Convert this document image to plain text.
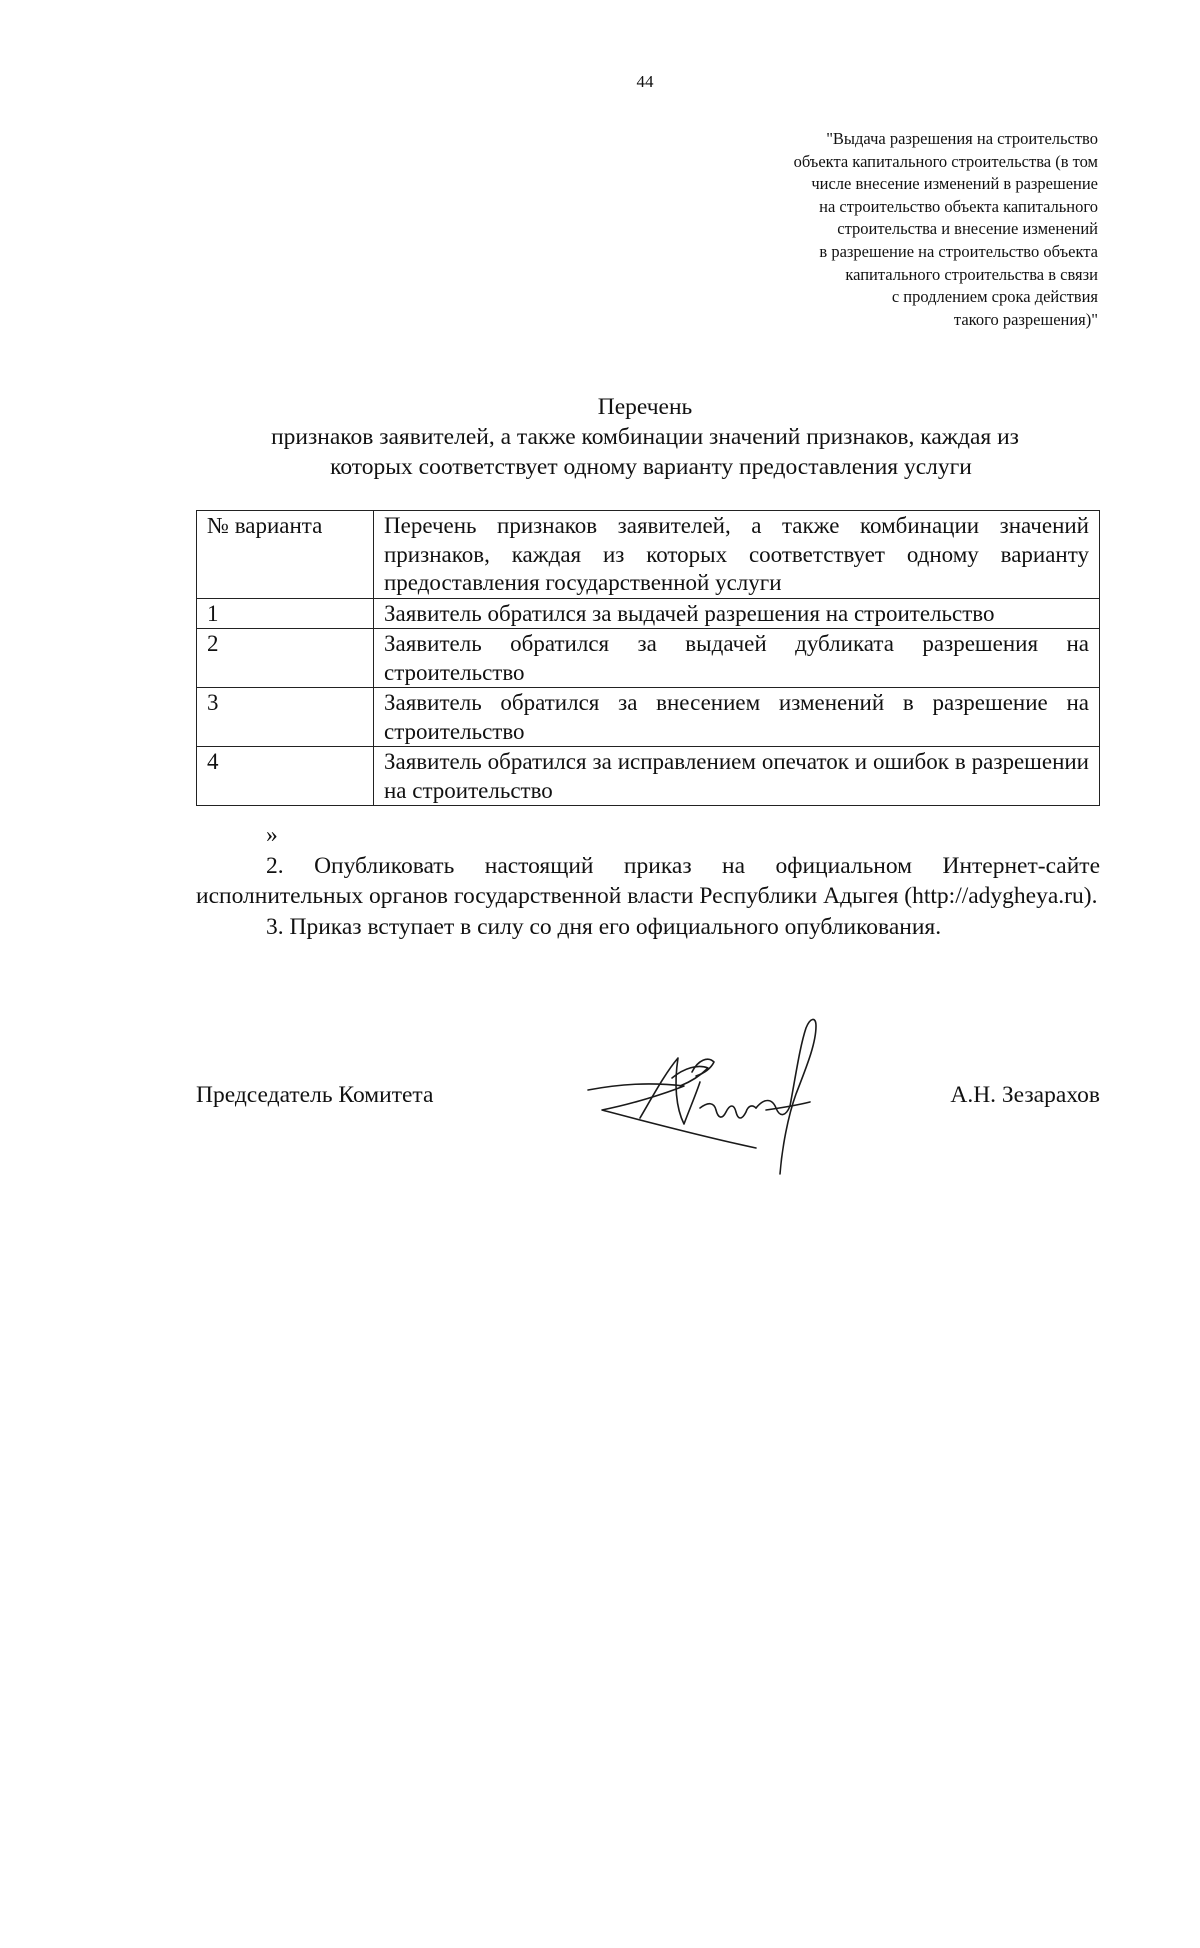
44
"Выдача разрешения на строительство
объекта капитального строительства (в том
числе внесение изменений в разрешение
на строительство объекта капитального
строительства и внесение изменений
в разрешение на строительство объекта
капитального строительства в связи
с продлением срока действия
такого разрешения)"
Перечень
признаков заявителей, а также комбинации значений признаков, каждая из
которых соответствует одному варианту предоставления услуги
№ варианта	Перечень признаков заявителей, а также комбинации значений признаков, каждая из которых соответствует одному варианту предоставления государственной услуги
1	Заявитель обратился за выдачей разрешения на строительство
2	Заявитель обратился за выдачей дубликата разрешения на строительство
3	Заявитель обратился за внесением изменений в разрешение на строительство
4	Заявитель обратился за исправлением опечаток и ошибок в разрешении на строительство
»
2. Опубликовать настоящий приказ на официальном Интернет-сайте исполнительных органов государственной власти Республики Адыгея (http://adygheya.ru).
3. Приказ вступает в силу со дня его официального опубликования.
Председатель Комитета	А.Н. Зезарахов
